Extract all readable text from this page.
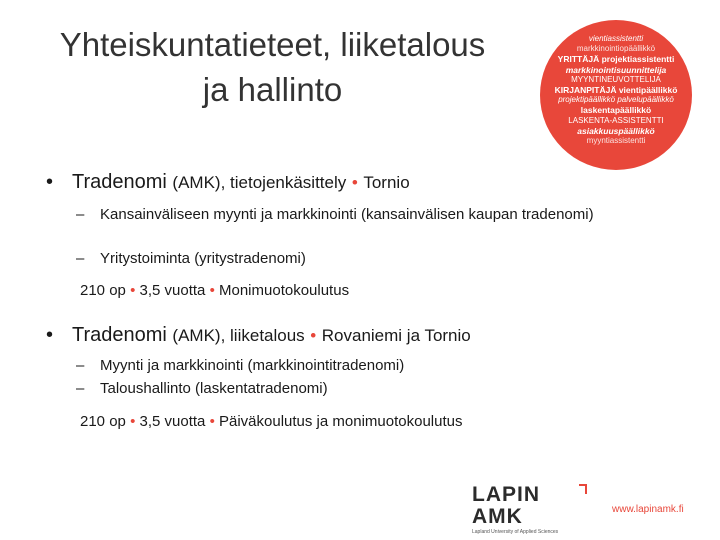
Yhteiskuntatieteet, liiketalous
ja hallinto
vientiassistentti
markkinointiopäällikkö
YRITTÄJÄ projektiassistentti
markkinointisuunnittelija
MYYNTINEUVOTTELIJA
KIRJANPITÄJÄ vientipäällikkö
projektipäällikkö palvelupäällikkö
laskentapäällikkö
LASKENTA-ASSISTENTTI
asiakkuuspäällikkö
myyntiassistentti
• Tradenomi (AMK), tietojenkäsittely • Tornio
–	Kansainväliseen myynti ja markkinointi (kansainvälisen kaupan tradenomi)
–	Yritystoiminta (yritystradenomi)
210 op • 3,5 vuotta • Monimuotokoulutus
• Tradenomi (AMK), liiketalous • Rovaniemi ja Tornio
–	Myynti ja markkinointi (markkinointitradenomi)
–	Taloushallinto (laskentatradenomi)
210 op • 3,5 vuotta • Päiväkoulutus ja monimuotokoulutus
LAPIN AMK
Lapland University of Applied Sciences
www.lapinamk.fi
